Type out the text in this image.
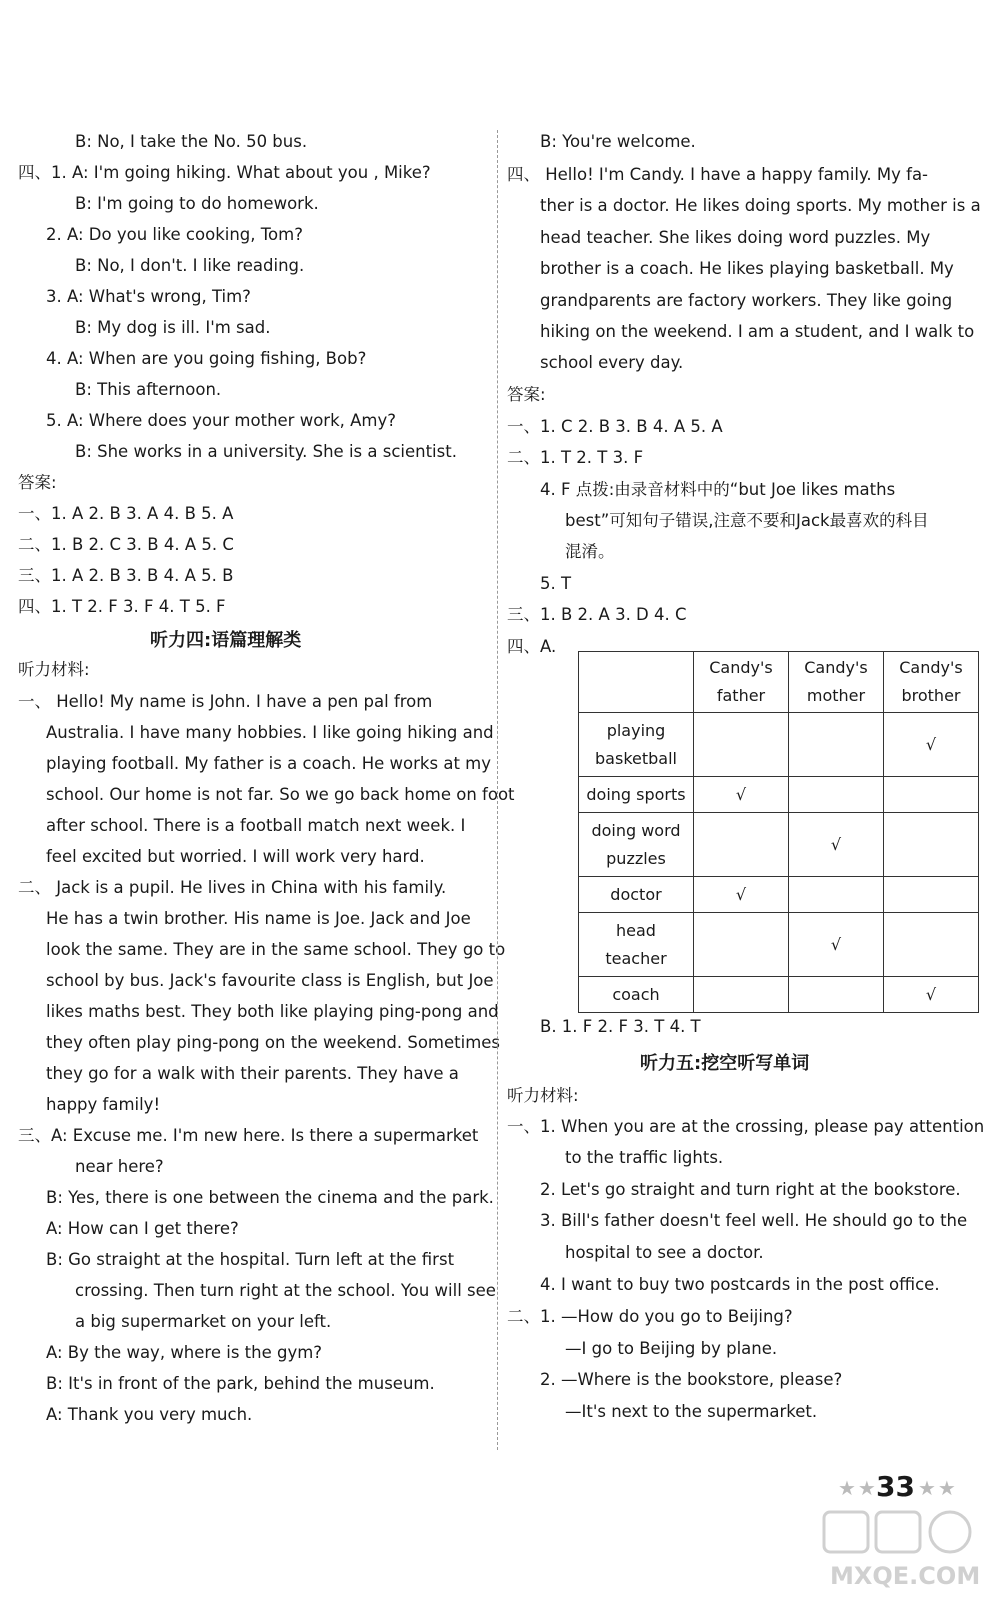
B: No, I take the No. 50 bus.
四、1. A: I'm going hiking. What about you , Mike?
B: I'm going to do homework.
2. A: Do you like cooking, Tom?
B: No, I don't. I like reading.
3. A: What's wrong, Tim?
B: My dog is ill. I'm sad.
4. A: When are you going fishing, Bob?
B: This afternoon.
5. A: Where does your mother work, Amy?
B: She works in a university. She is a scientist.
答案:
一、1. A 2. B 3. A 4. B 5. A
二、1. B 2. C 3. B 4. A 5. C
三、1. A 2. B 3. B 4. A 5. B
四、1. T 2. F 3. F 4. T 5. F
听力材料:
一、 Hello! My name is John. I have a pen pal from
Australia. I have many hobbies. I like going hiking and
playing football. My father is a coach. He works at my
school. Our home is not far. So we go back home on foot
after school. There is a football match next week. I
feel excited but worried. I will work very hard.
二、 Jack is a pupil. He lives in China with his family.
He has a twin brother. His name is Joe. Jack and Joe
look the same. They are in the same school. They go to
school by bus. Jack's favourite class is English, but Joe
likes maths best. They both like playing ping-pong and
they often play ping-pong on the weekend. Sometimes
they go for a walk with their parents. They have a
happy family!
三、A: Excuse me. I'm new here. Is there a supermarket
near here?
B: Yes, there is one between the cinema and the park.
A: How can I get there?
B: Go straight at the hospital. Turn left at the first
crossing. Then turn right at the school. You will see
a big supermarket on your left.
A: By the way, where is the gym?
B: It's in front of the park, behind the museum.
A: Thank you very much.
听力四:语篇理解类
B: You're welcome.
四、 Hello! I'm Candy. I have a happy family. My fa-
ther is a doctor. He likes doing sports. My mother is a
head teacher. She likes doing word puzzles. My
brother is a coach. He likes playing basketball. My
grandparents are factory workers. They like going
hiking on the weekend. I am a student, and I walk to
school every day.
答案:
一、1. C 2. B 3. B 4. A 5. A
二、1. T 2. T 3. F
4. F 点拨:由录音材料中的“but Joe likes maths
best”可知句子错误,注意不要和Jack最喜欢的科目
混淆。
5. T
三、1. B 2. A 3. D 4. C
四、A.
B. 1. F 2. F 3. T 4. T
听力材料:
一、1. When you are at the crossing, please pay attention
to the traffic lights.
2. Let's go straight and turn right at the bookstore.
3. Bill's father doesn't feel well. He should go to the
hospital to see a doctor.
4. I want to buy two postcards in the post office.
二、1. —How do you go to Beijing?
—I go to Beijing by plane.
2. —Where is the bookstore, please?
—It's next to the supermarket.
听力五:挖空听写单词
	Candy's father	Candy's mother	Candy's brother
playing basketball			√
doing sports	√		
doing word puzzles		√	
doctor	√		
head teacher		√	
coach			√
★★
33 ★★
MXQE.COM
